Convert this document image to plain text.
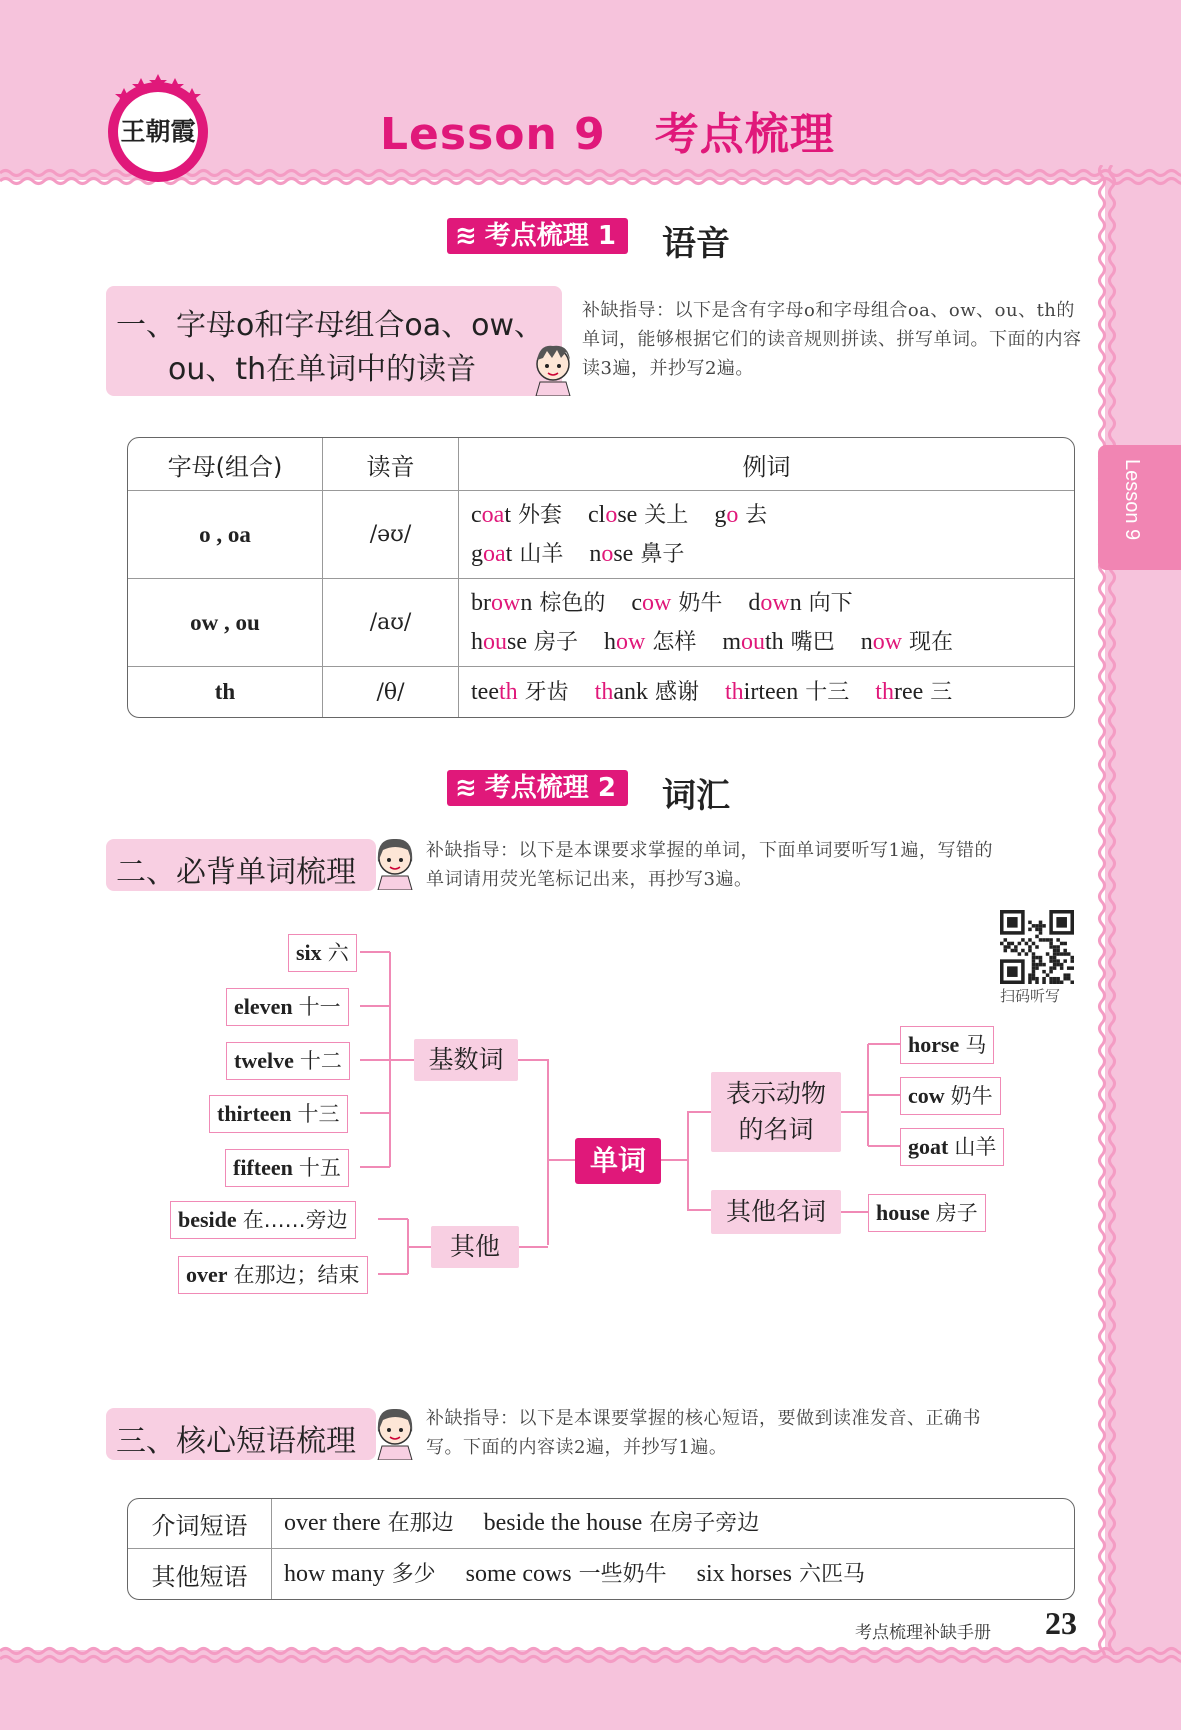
王朝霞	Lesson 9   考点梳理
Lesson 9
≋ 考点梳理 1	语音
一、字母o和字母组合oa、ow、
ou、th在单词中的读音
补缺指导：以下是含有字母o和字母组合oa、ow、ou、th的单词，能够根据它们的读音规则拼读、拼写单词。下面的内容读3遍，并抄写2遍。
字母(组合)	读音	例词
o , oa	/əʊ/	coat 外套 close 关上 go 去
goat 山羊 nose 鼻子

ow , ou	/aʊ/	brown 棕色的 cow 奶牛 down 向下
house 房子 how 怎样 mouth 嘴巴 now 现在

th	/θ/	teeth 牙齿 thank 感谢 thirteen 十三 three 三
≋ 考点梳理 2	词汇
二、必背单词梳理
补缺指导：以下是本课要求掌握的单词，下面单词要听写1遍，写错的
单词请用荧光笔标记出来，再抄写3遍。
扫码听写
six 六
eleven 十一
twelve 十二
thirteen 十三
fifteen 十五
beside 在……旁边
over 在那边；结束
基数词
其他
单词
表示动物
的名词
其他名词
horse 马
cow 奶牛
goat 山羊
house 房子
三、核心短语梳理
补缺指导：以下是本课要掌握的核心短语，要做到读准发音、正确书
写。下面的内容读2遍，并抄写1遍。
介词短语	over there 在那边 beside the house 在房子旁边
其他短语	how many 多少 some cows 一些奶牛 six horses 六匹马
考点梳理补缺手册 23
